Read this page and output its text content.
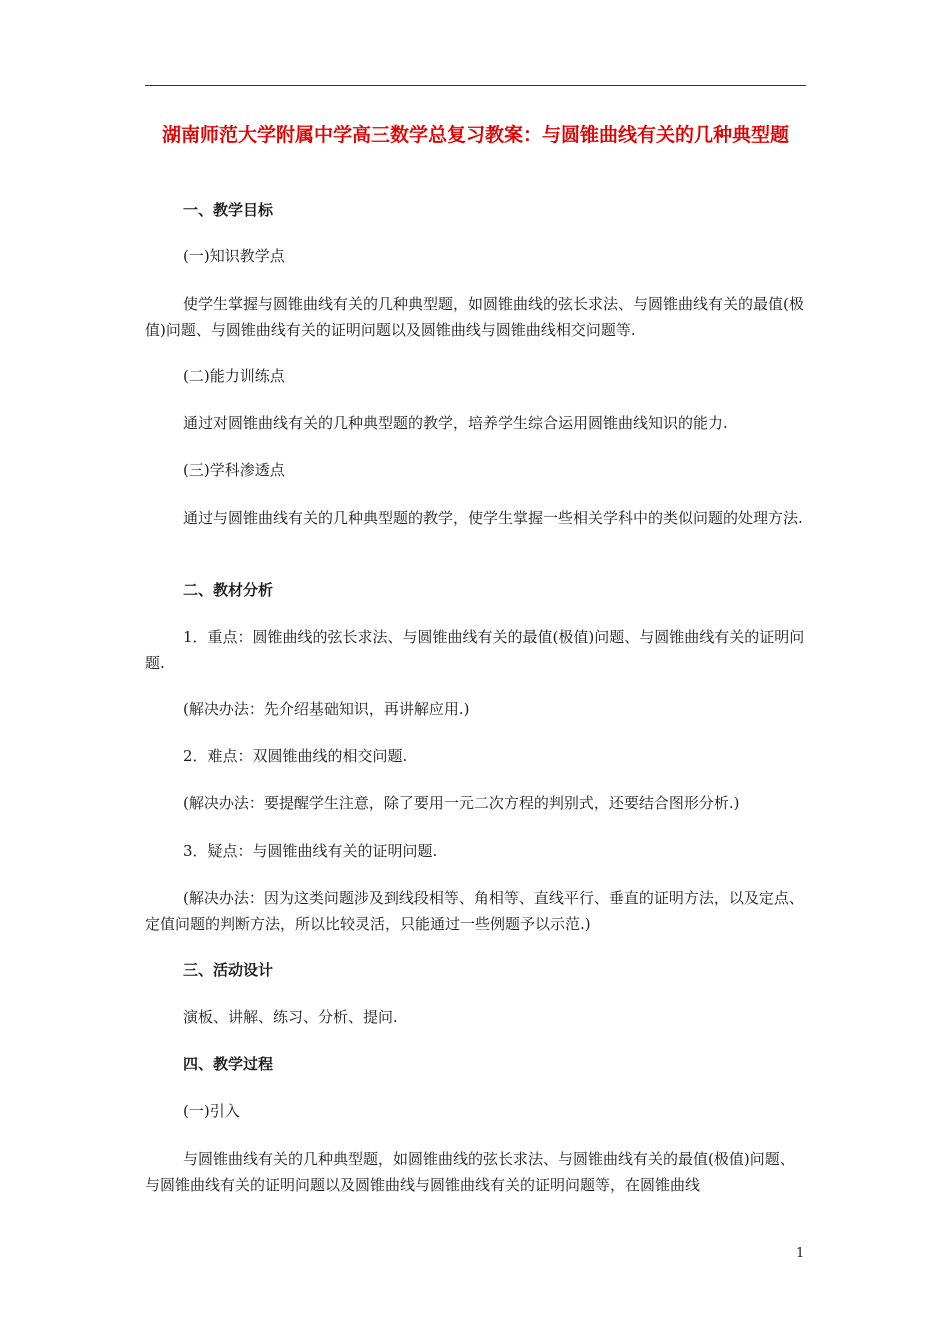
湖南师范大学附属中学高三数学总复习教案：与圆锥曲线有关的几种典型题
一、教学目标
(一)知识教学点
使学生掌握与圆锥曲线有关的几种典型题，如圆锥曲线的弦长求法、与圆锥曲线有关的最值(极值)问题、与圆锥曲线有关的证明问题以及圆锥曲线与圆锥曲线相交问题等.
(二)能力训练点
通过对圆锥曲线有关的几种典型题的教学，培养学生综合运用圆锥曲线知识的能力.
(三)学科渗透点
通过与圆锥曲线有关的几种典型题的教学，使学生掌握一些相关学科中的类似问题的处理方法.
二、教材分析
1．重点：圆锥曲线的弦长求法、与圆锥曲线有关的最值(极值)问题、与圆锥曲线有关的证明问题.
(解决办法：先介绍基础知识，再讲解应用.)
2．难点：双圆锥曲线的相交问题.
(解决办法：要提醒学生注意，除了要用一元二次方程的判别式，还要结合图形分析.)
3．疑点：与圆锥曲线有关的证明问题.
(解决办法：因为这类问题涉及到线段相等、角相等、直线平行、垂直的证明方法，以及定点、定值问题的判断方法，所以比较灵活，只能通过一些例题予以示范.)
三、活动设计
演板、讲解、练习、分析、提问.
四、教学过程
(一)引入
与圆锥曲线有关的几种典型题，如圆锥曲线的弦长求法、与圆锥曲线有关的最值(极值)问题、与圆锥曲线有关的证明问题以及圆锥曲线与圆锥曲线有关的证明问题等，在圆锥曲线
1
